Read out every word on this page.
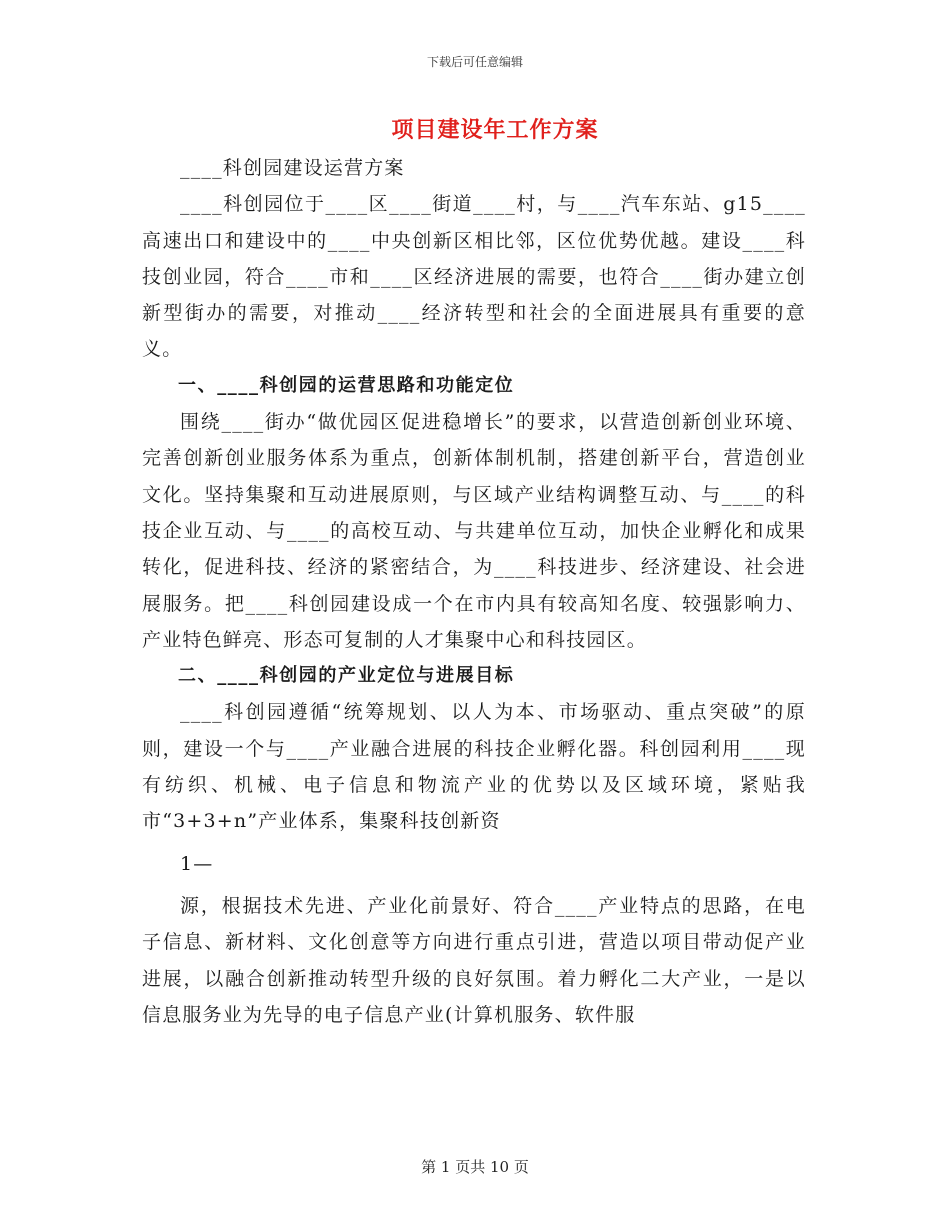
下载后可任意编辑
项目建设年工作方案

____科创园建设运营方案

____科创园位于____区____街道____村，与____汽车东站、g15____高速出口和建设中的____中央创新区相比邻，区位优势优越。建设____科技创业园，符合____市和____区经济进展的需要，也符合____街办建立创新型街办的需要，对推动____经济转型和社会的全面进展具有重要的意义。

一、____科创园的运营思路和功能定位

围绕____街办“做优园区促进稳增长”的要求，以营造创新创业环境、完善创新创业服务体系为重点，创新体制机制，搭建创新平台，营造创业文化。坚持集聚和互动进展原则，与区域产业结构调整互动、与____的科技企业互动、与____的高校互动、与共建单位互动，加快企业孵化和成果转化，促进科技、经济的紧密结合，为____科技进步、经济建设、社会进展服务。把____科创园建设成一个在市内具有较高知名度、较强影响力、产业特色鲜亮、形态可复制的人才集聚中心和科技园区。

二、____科创园的产业定位与进展目标

____科创园遵循“统筹规划、以人为本、市场驱动、重点突破”的原则，建设一个与____产业融合进展的科技企业孵化器。科创园利用____现有纺织、机械、电子信息和物流产业的优势以及区域环境，紧贴我市“3+3+n”产业体系，集聚科技创新资

1—

源，根据技术先进、产业化前景好、符合____产业特点的思路，在电子信息、新材料、文化创意等方向进行重点引进，营造以项目带动促产业进展，以融合创新推动转型升级的良好氛围。着力孵化二大产业，一是以信息服务业为先导的电子信息产业(计算机服务、软件服

第 1 页共 10 页
